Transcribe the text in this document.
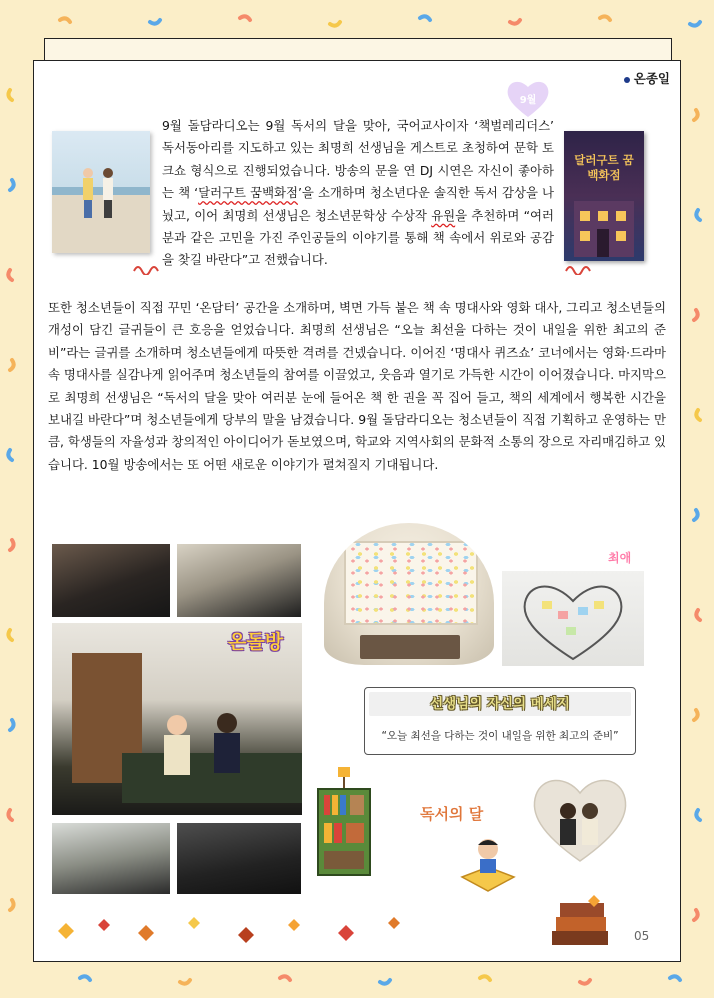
온종일
9월
달러구트 꿈백화점

9월 돌담라디오는 9월 독서의 달을 맞아, 국어교사이자 ‘책벌레리더스’ 독서동아리를 지도하고 있는 최명희 선생님을 게스트로 초청하여 문학 토크쇼 형식으로 진행되었습니다. 방송의 문을 연 DJ 시연은 자신이 좋아하는 책 ‘달러구트 꿈백화점’을 소개하며 청소년다운 솔직한 독서 감상을 나눴고, 이어 최명희 선생님은 청소년문학상 수상작 유원을 추천하며 “여러분과 같은 고민을 가진 주인공들의 이야기를 통해 책 속에서 위로와 공감을 찾길 바란다”고 전했습니다.

또한 청소년들이 직접 꾸민 ‘온담터’ 공간을 소개하며, 벽면 가득 붙은 책 속 명대사와 영화 대사, 그리고 청소년들의 개성이 담긴 글귀들이 큰 호응을 얻었습니다. 최명희 선생님은 “오늘 최선을 다하는 것이 내일을 위한 최고의 준비”라는 글귀를 소개하며 청소년들에게 따뜻한 격려를 건넸습니다. 이어진 ‘명대사 퀴즈쇼’ 코너에서는 영화·드라마 속 명대사를 실감나게 읽어주며 청소년들의 참여를 이끌었고, 웃음과 열기로 가득한 시간이 이어졌습니다. 마지막으로 최명희 선생님은 “독서의 달을 맞아 여러분 눈에 들어온 책 한 권을 꼭 집어 들고, 책의 세계에서 행복한 시간을 보내길 바란다”며 청소년들에게 당부의 말을 남겼습니다. 9월 돌담라디오는 청소년들이 직접 기획하고 운영하는 만큼, 학생들의 자율성과 창의적인 아이디어가 돋보였으며, 학교와 지역사회의 문화적 소통의 장으로 자리매김하고 있습니다. 10월 방송에서는 또 어떤 새로운 이야기가 펼쳐질지 기대됩니다.

온돌방
최애
선생님의 자신의 메세지
“오늘 최선을 다하는 것이 내일을 위한 최고의 준비”
독서의 달
05
